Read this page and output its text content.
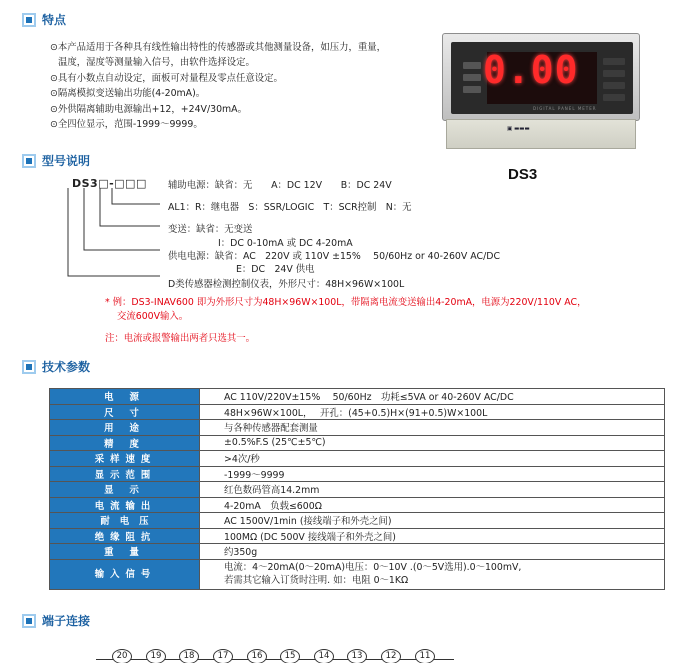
特点
⊙本产品适用于各种具有线性输出特性的传感器或其他测量设备，如压力，重量，
温度，湿度等测量输入信号，由软件选择设定。
⊙具有小数点自动设定，面板可对量程及零点任意设定。
⊙隔离模拟变送输出功能(4-20mA)。
⊙外供隔离辅助电源输出+12，+24V/30mA。
⊙全四位显示，范围-1999～9999。
0.00
DIGITAL PANEL METER
▣ ▬▬▬
DS3
型号说明
DS3□-□□□ 辅助电源：缺省：无　　A：DC 12V　　B：DC 24V
AL1：R：继电器　S：SSR/LOGIC　T：SCR控制　N：无
变送：缺省：无变送
I：DC 0-10mA 或 DC 4-20mA
供电电源：缺省：AC　220V 或 110V ±15%　 50/60Hz or 40-260V AC/DC
E：DC　24V 供电
D类传感器检测控制仪表，外形尺寸：48H×96W×100L
* 例：DS3-INAV600 即为外形尺寸为48H×96W×100L，带隔离电流变送输出4-20mA，电源为220V/110V AC，
交流600V输入。
注：电流或报警输出两者只选其一。
技术参数
电源	AC 110V/220V±15%　 50/60Hz　功耗≤5VA or 40-260V AC/DC
尺寸	48H×96W×100L，　 开孔：(45+0.5)H×(91+0.5)W×100L
用途	与各种传感器配套测量
精度	±0.5%F.S (25℃±5℃)
采样速度	>4次/秒
显示范围	-1999～9999
显示	红色数码管高14.2mm
电流输出	4-20mA　负载≤600Ω
耐电压	AC 1500V/1min (接线端子和外壳之间)
绝缘阻抗	100MΩ (DC 500V 接线端子和外壳之间)
重量	约350g
输入信号	电流：4～20mA(0～20mA)电压：0～10V .(0～5V选用).0～100mV,
若需其它输入订货时注明. 如：电阻 0～1KΩ
端子连接
20	19	18	17	16	15	14	13	12	11
